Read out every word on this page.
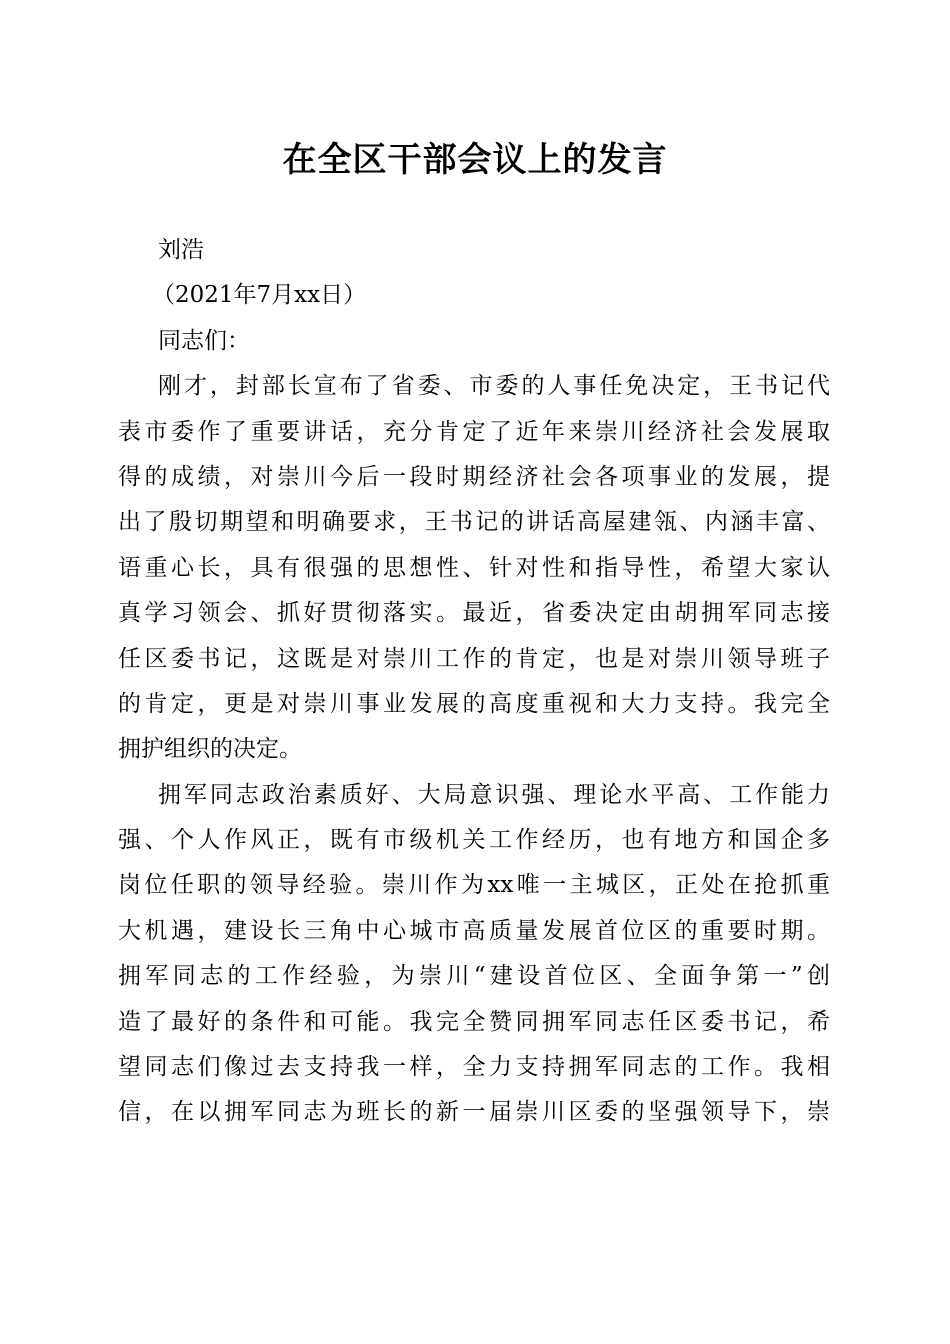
在全区干部会议上的发言
刘浩
（2021年7月xx日）
同志们：
刚才，封部长宣布了省委、市委的人事任免决定，王书记代
表市委作了重要讲话，充分肯定了近年来崇川经济社会发展取
得的成绩，对崇川今后一段时期经济社会各项事业的发展，提
出了殷切期望和明确要求，王书记的讲话高屋建瓴、内涵丰富、
语重心长，具有很强的思想性、针对性和指导性，希望大家认
真学习领会、抓好贯彻落实。最近，省委决定由胡拥军同志接
任区委书记，这既是对崇川工作的肯定，也是对崇川领导班子
的肯定，更是对崇川事业发展的高度重视和大力支持。我完全
拥护组织的决定。
拥军同志政治素质好、大局意识强、理论水平高、工作能力
强、个人作风正，既有市级机关工作经历，也有地方和国企多
岗位任职的领导经验。崇川作为xx唯一主城区，正处在抢抓重
大机遇，建设长三角中心城市高质量发展首位区的重要时期。
拥军同志的工作经验，为崇川“建设首位区、全面争第一”创
造了最好的条件和可能。我完全赞同拥军同志任区委书记，希
望同志们像过去支持我一样，全力支持拥军同志的工作。我相
信，在以拥军同志为班长的新一届崇川区委的坚强领导下，崇
